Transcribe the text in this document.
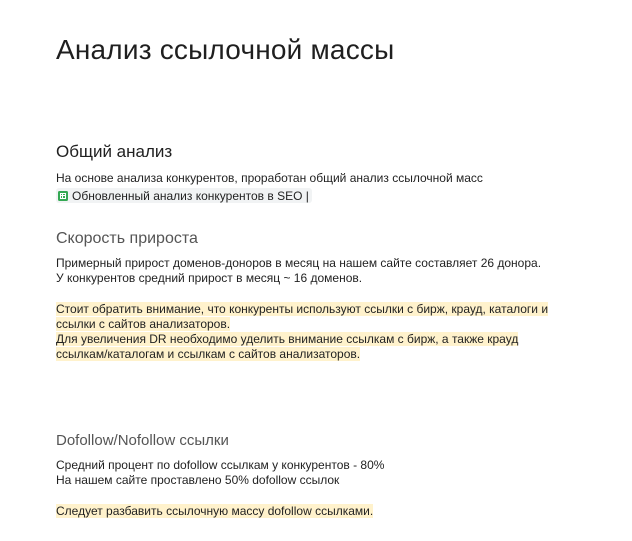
Анализ ссылочной массы
Общий анализ
На основе анализа конкурентов, проработан общий анализ ссылочной масс
Обновленный анализ конкурентов в SEO |
Скорость прироста
Примерный прирост доменов-доноров в месяц на нашем сайте составляет 26 донора.
У конкурентов средний прирост в месяц ~ 16 доменов.
Стоит обратить внимание, что конкуренты используют ссылки с бирж, крауд, каталоги и
ссылки с сайтов анализаторов.
Для увеличения DR необходимо уделить внимание ссылкам с бирж, а также крауд
ссылкам/каталогам и ссылкам с сайтов анализаторов.
Dofollow/Nofollow ссылки
Средний процент по dofollow ссылкам у конкурентов - 80%
На нашем сайте проставлено 50% dofollow ссылок
Следует разбавить ссылочную массу dofollow ссылками.
